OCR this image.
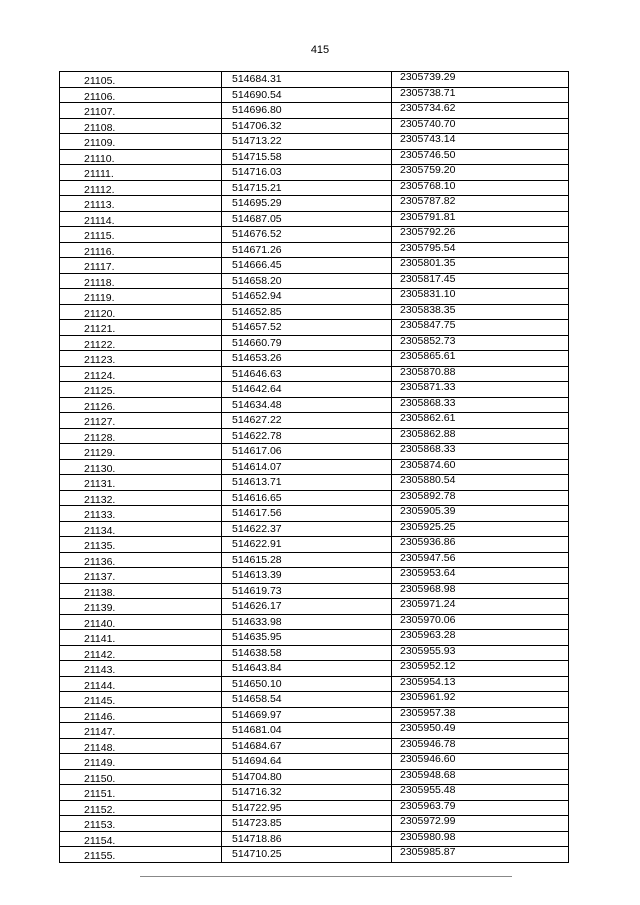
415
21105.	514684.31	2305739.29
21106.	514690.54	2305738.71
21107.	514696.80	2305734.62
21108.	514706.32	2305740.70
21109.	514713.22	2305743.14
21110.	514715.58	2305746.50
21111.	514716.03	2305759.20
21112.	514715.21	2305768.10
21113.	514695.29	2305787.82
21114.	514687.05	2305791.81
21115.	514676.52	2305792.26
21116.	514671.26	2305795.54
21117.	514666.45	2305801.35
21118.	514658.20	2305817.45
21119.	514652.94	2305831.10
21120.	514652.85	2305838.35
21121.	514657.52	2305847.75
21122.	514660.79	2305852.73
21123.	514653.26	2305865.61
21124.	514646.63	2305870.88
21125.	514642.64	2305871.33
21126.	514634.48	2305868.33
21127.	514627.22	2305862.61
21128.	514622.78	2305862.88
21129.	514617.06	2305868.33
21130.	514614.07	2305874.60
21131.	514613.71	2305880.54
21132.	514616.65	2305892.78
21133.	514617.56	2305905.39
21134.	514622.37	2305925.25
21135.	514622.91	2305936.86
21136.	514615.28	2305947.56
21137.	514613.39	2305953.64
21138.	514619.73	2305968.98
21139.	514626.17	2305971.24
21140.	514633.98	2305970.06
21141.	514635.95	2305963.28
21142.	514638.58	2305955.93
21143.	514643.84	2305952.12
21144.	514650.10	2305954.13
21145.	514658.54	2305961.92
21146.	514669.97	2305957.38
21147.	514681.04	2305950.49
21148.	514684.67	2305946.78
21149.	514694.64	2305946.60
21150.	514704.80	2305948.68
21151.	514716.32	2305955.48
21152.	514722.95	2305963.79
21153.	514723.85	2305972.99
21154.	514718.86	2305980.98
21155.	514710.25	2305985.87
